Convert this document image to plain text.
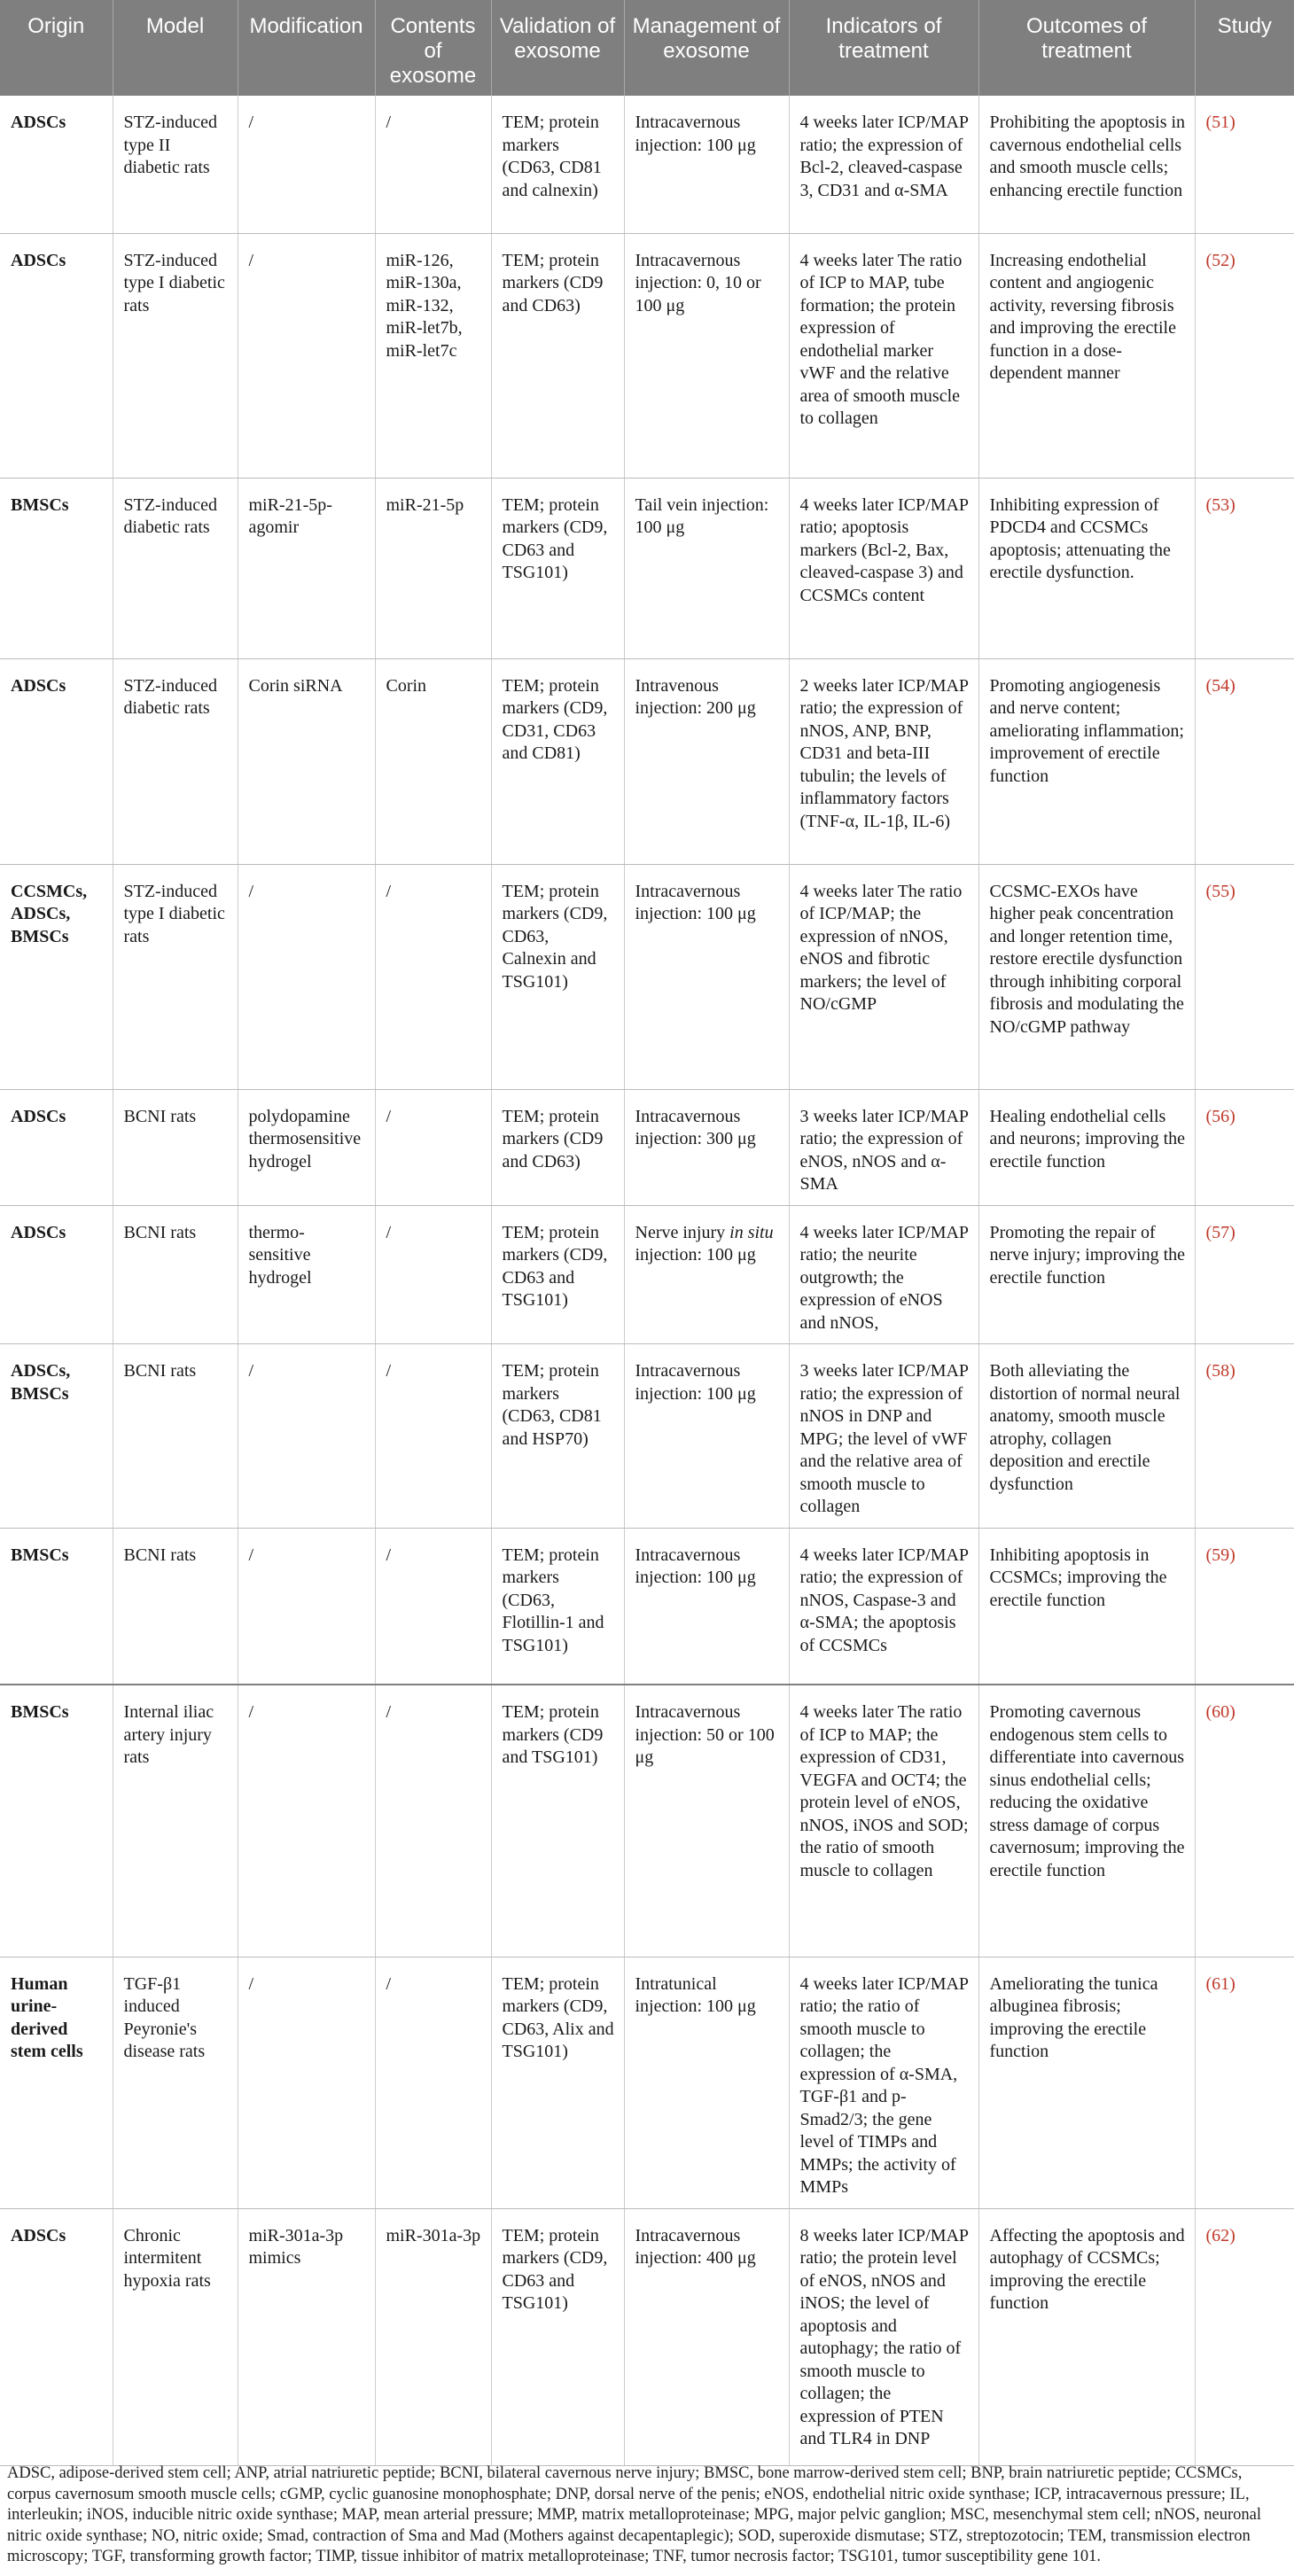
Origin	Model	Modification	Contents of exosome	Validation of exosome	Management of exosome	Indicators of treatment	Outcomes of treatment	Study
ADSCs	STZ-induced type II diabetic rats	/	/	TEM; protein markers (CD63, CD81 and calnexin)	Intracavernous injection: 100 μg	4 weeks later ICP/MAP ratio; the expression of Bcl-2, cleaved-caspase 3, CD31 and α-SMA	Prohibiting the apoptosis in cavernous endothelial cells and smooth muscle cells; enhancing erectile function	(51)
ADSCs	STZ-induced type I diabetic rats	/	miR-126, miR-130a, miR-132, miR-let7b, miR-let7c	TEM; protein markers (CD9 and CD63)	Intracavernous injection: 0, 10 or 100 μg	4 weeks later The ratio of ICP to MAP, tube formation; the protein expression of endothelial marker vWF and the relative area of smooth muscle to collagen	Increasing endothelial content and angiogenic activity, reversing fibrosis and improving the erectile function in a dose-dependent manner	(52)
BMSCs	STZ-induced diabetic rats	miR-21-5p-agomir	miR-21-5p	TEM; protein markers (CD9, CD63 and TSG101)	Tail vein injection: 100 μg	4 weeks later ICP/MAP ratio; apoptosis markers (Bcl-2, Bax, cleaved-caspase 3) and CCSMCs content	Inhibiting expression of PDCD4 and CCSMCs apoptosis; attenuating the erectile dysfunction.	(53)
ADSCs	STZ-induced diabetic rats	Corin siRNA	Corin	TEM; protein markers (CD9, CD31, CD63 and CD81)	Intravenous injection: 200 μg	2 weeks later ICP/MAP ratio; the expression of nNOS, ANP, BNP, CD31 and beta-III tubulin; the levels of inflammatory factors (TNF-α, IL-1β, IL-6)	Promoting angiogenesis and nerve content; ameliorating inflammation; improvement of erectile function	(54)
CCSMCs, ADSCs, BMSCs	STZ-induced type I diabetic rats	/	/	TEM; protein markers (CD9, CD63, Calnexin and TSG101)	Intracavernous injection: 100 μg	4 weeks later The ratio of ICP/MAP; the expression of nNOS, eNOS and fibrotic markers; the level of NO/cGMP	CCSMC-EXOs have higher peak concentration and longer retention time, restore erectile dysfunction through inhibiting corporal fibrosis and modulating the NO/cGMP pathway	(55)
ADSCs	BCNI rats	polydopamine thermosensitive hydrogel	/	TEM; protein markers (CD9 and CD63)	Intracavernous injection: 300 μg	3 weeks later ICP/MAP ratio; the expression of eNOS, nNOS and α-SMA	Healing endothelial cells and neurons; improving the erectile function	(56)
ADSCs	BCNI rats	thermo-sensitive hydrogel	/	TEM; protein markers (CD9, CD63 and TSG101)	Nerve injury in situ injection: 100 μg	4 weeks later ICP/MAP ratio; the neurite outgrowth; the expression of eNOS and nNOS,	Promoting the repair of nerve injury; improving the erectile function	(57)
ADSCs, BMSCs	BCNI rats	/	/	TEM; protein markers (CD63, CD81 and HSP70)	Intracavernous injection: 100 μg	3 weeks later ICP/MAP ratio; the expression of nNOS in DNP and MPG; the level of vWF and the relative area of smooth muscle to collagen	Both alleviating the distortion of normal neural anatomy, smooth muscle atrophy, collagen deposition and erectile dysfunction	(58)
BMSCs	BCNI rats	/	/	TEM; protein markers (CD63, Flotillin-1 and TSG101)	Intracavernous injection: 100 μg	4 weeks later ICP/MAP ratio; the expression of nNOS, Caspase-3 and α-SMA; the apoptosis of CCSMCs	Inhibiting apoptosis in CCSMCs; improving the erectile function	(59)
BMSCs	Internal iliac artery injury rats	/	/	TEM; protein markers (CD9 and TSG101)	Intracavernous injection: 50 or 100 μg	4 weeks later The ratio of ICP to MAP; the expression of CD31, VEGFA and OCT4; the protein level of eNOS, nNOS, iNOS and SOD; the ratio of smooth muscle to collagen	Promoting cavernous endogenous stem cells to differentiate into cavernous sinus endothelial cells; reducing the oxidative stress damage of corpus cavernosum; improving the erectile function	(60)
Human urine-derived stem cells	TGF-β1 induced Peyronie's disease rats	/	/	TEM; protein markers (CD9, CD63, Alix and TSG101)	Intratunical injection: 100 μg	4 weeks later ICP/MAP ratio; the ratio of smooth muscle to collagen; the expression of α-SMA, TGF-β1 and p-Smad2/3; the gene level of TIMPs and MMPs; the activity of MMPs	Ameliorating the tunica albuginea fibrosis; improving the erectile function	(61)
ADSCs	Chronic intermitent hypoxia rats	miR-301a-3p mimics	miR-301a-3p	TEM; protein markers (CD9, CD63 and TSG101)	Intracavernous injection: 400 μg	8 weeks later ICP/MAP ratio; the protein level of eNOS, nNOS and iNOS; the level of apoptosis and autophagy; the ratio of smooth muscle to collagen; the expression of PTEN and TLR4 in DNP	Affecting the apoptosis and autophagy of CCSMCs; improving the erectile function	(62)
ADSC, adipose-derived stem cell; ANP, atrial natriuretic peptide; BCNI, bilateral cavernous nerve injury; BMSC, bone marrow-derived stem cell; BNP, brain natriuretic peptide; CCSMCs, corpus cavernosum smooth muscle cells; cGMP, cyclic guanosine monophosphate; DNP, dorsal nerve of the penis; eNOS, endothelial nitric oxide synthase; ICP, intracavernous pressure; IL, interleukin; iNOS, inducible nitric oxide synthase; MAP, mean arterial pressure; MMP, matrix metalloproteinase; MPG, major pelvic ganglion; MSC, mesenchymal stem cell; nNOS, neuronal nitric oxide synthase; NO, nitric oxide; Smad, contraction of Sma and Mad (Mothers against decapentaplegic); SOD, superoxide dismutase; STZ, streptozotocin; TEM, transmission electron microscopy; TGF, transforming growth factor; TIMP, tissue inhibitor of matrix metalloproteinase; TNF, tumor necrosis factor; TSG101, tumor susceptibility gene 101.
